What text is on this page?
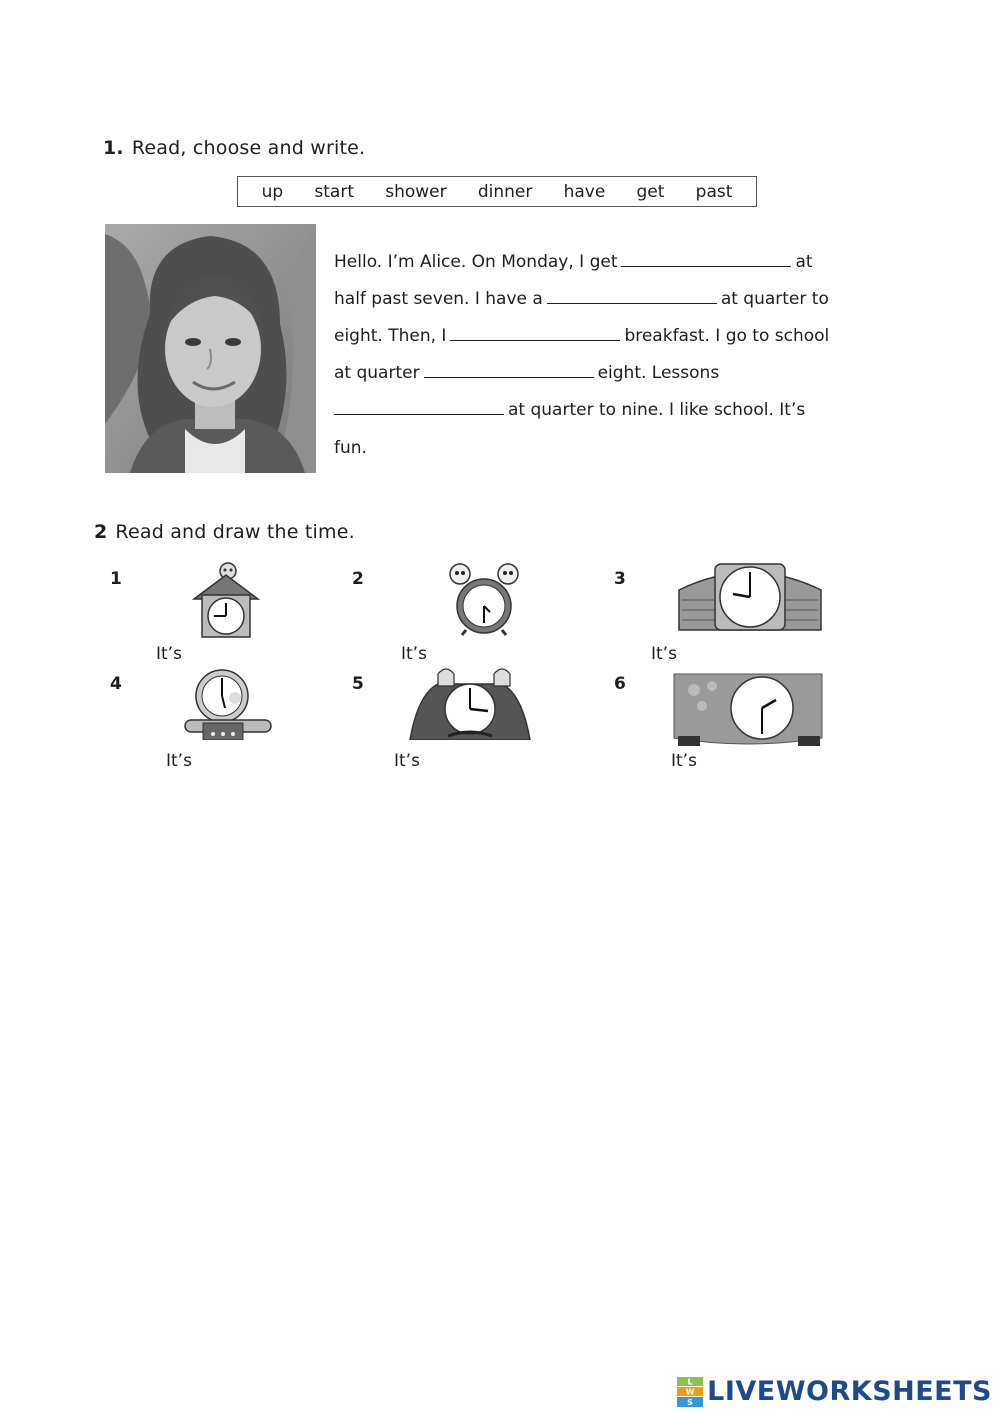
1. Read, choose and write.
up start shower dinner have get past
Hello. I’m Alice. On Monday, I get	at
half past seven. I have a	at quarter to
eight. Then, I	breakfast. I go to school
at quarter	eight. Lessons
at quarter to nine. I like school. It’s
fun.
2 Read and draw the time.
1	2	3
4	5	6
It’s	It’s	It’s
It’s	It’s	It’s
L
W
S LIVEWORKSHEETS
